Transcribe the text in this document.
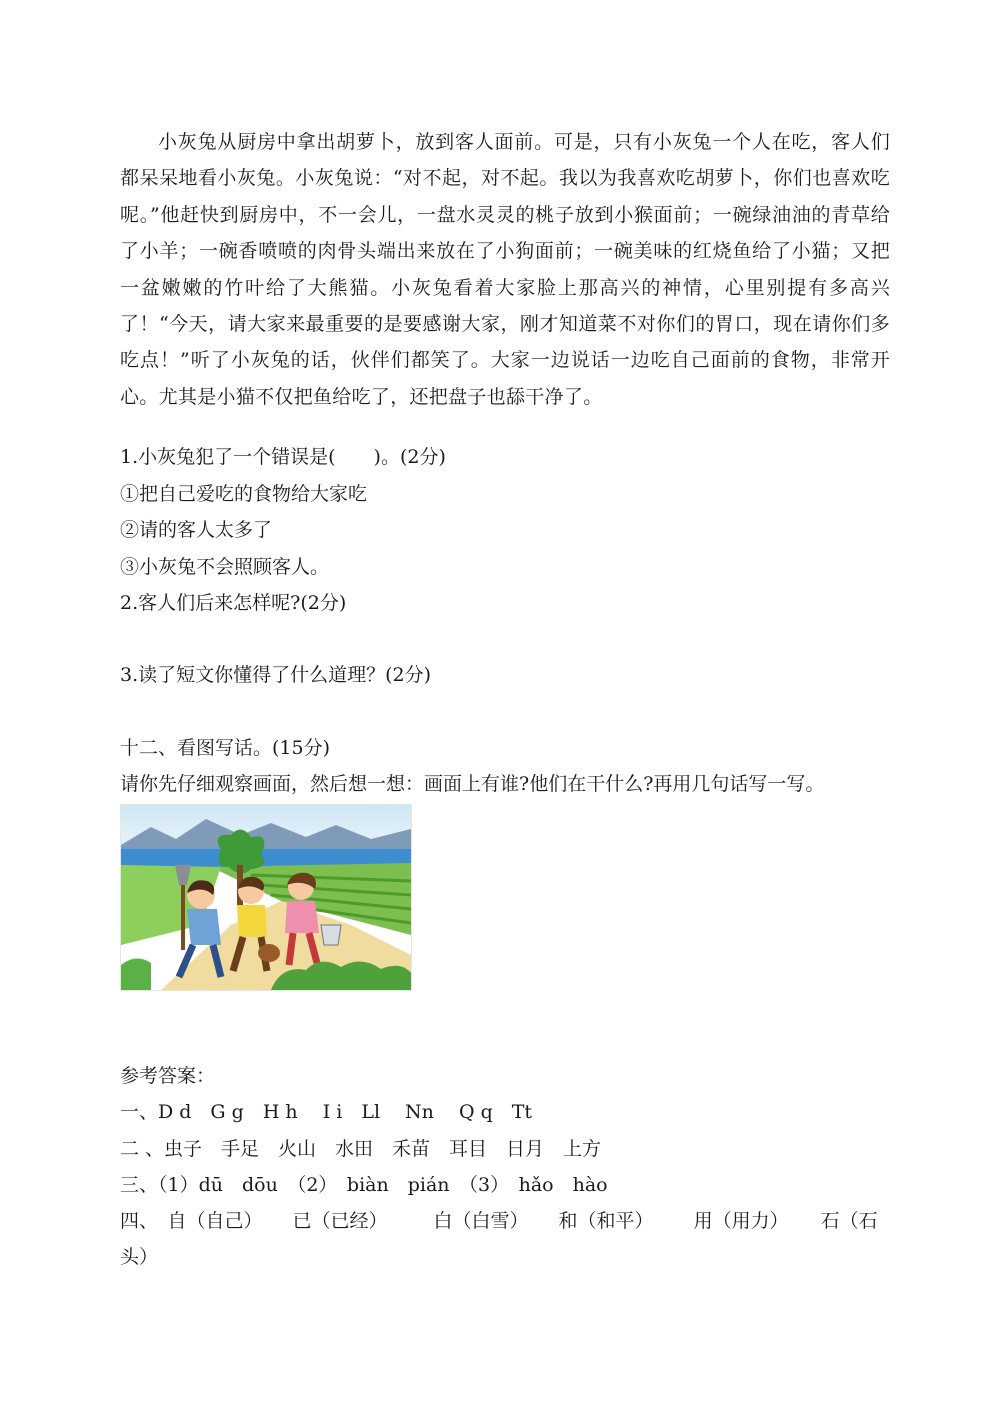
小灰兔从厨房中拿出胡萝卜，放到客人面前。可是，只有小灰兔一个人在吃，客人们都呆呆地看小灰兔。小灰兔说：“对不起，对不起。我以为我喜欢吃胡萝卜，你们也喜欢吃呢。”他赶快到厨房中，不一会儿，一盘水灵灵的桃子放到小猴面前；一碗绿油油的青草给了小羊；一碗香喷喷的肉骨头端出来放在了小狗面前；一碗美味的红烧鱼给了小猫；又把一盆嫩嫩的竹叶给了大熊猫。小灰兔看着大家脸上那高兴的神情，心里别提有多高兴了！“今天，请大家来最重要的是要感谢大家，刚才知道菜不对你们的胃口，现在请你们多吃点！”听了小灰兔的话，伙伴们都笑了。大家一边说话一边吃自己面前的食物，非常开心。尤其是小猫不仅把鱼给吃了，还把盘子也舔干净了。

1.小灰兔犯了一个错误是(　　)。(2分)

①把自己爱吃的食物给大家吃

②请的客人太多了

③小灰兔不会照顾客人。

2.客人们后来怎样呢?(2分)

3.读了短文你懂得了什么道理？(2分)

十二、看图写话。(15分)

请你先仔细观察画面，然后想一想：画面上有谁?他们在干什么?再用几句话写一写。

参考答案：

一、D d　G g　H h　 I i　Ll　 Nn　 Q q　Tt

二 、虫子　手足　火山　水田　禾苗　耳目　日月　上方

三、（1）dū　dōu　（2）　biàn　pián　（3）　hǎo　hào

四、　自（自己） 已（已经） 白（白雪） 和（和平） 用（用力） 石（石头）
